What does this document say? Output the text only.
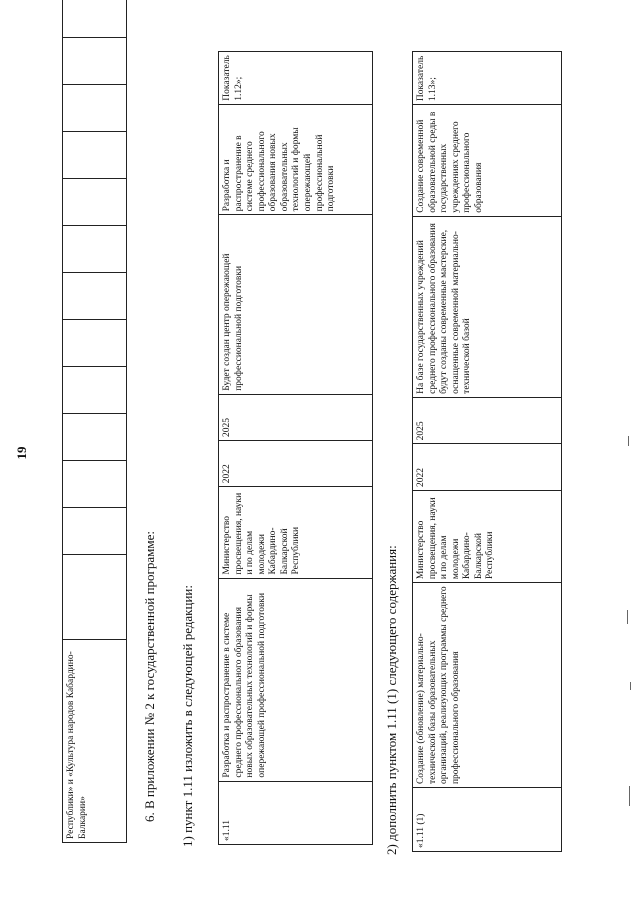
19
Республики» и «Культура народов Кабардино-Балкарии»															6. В приложении № 2 к государственной программе: 1) пункт 1.11 изложить в следующей редакции:	«1.11	Разработка и распространение в системе среднего профессионального образования новых образовательных технологий и формы опережающей профессиональной подготовки	Министерство просвещения, науки и по делам молодежи Кабардино-Балкарской Республики	2022	2025	Будет создан центр опережающей профессиональной подготовки	Разработка и распространение в системе среднего профессионального образования новых образовательных технологий и формы опережающей профессиональной подготовки	Показатель 1.12»;
2) дополнить пунктом 1.11 (1) следующего содержания: «1.11 (1)	Создание (обновление) материально-технической базы образовательных организаций, реализующих программы среднего профессионального образования	Министерство просвещения, науки и по делам молодежи Кабардино-Балкарской Республики	2022	2025	На базе государственных учреждений среднего профессионального образования будут созданы современные мастерские, оснащенные современной материально-технической базой	Создание современной образовательной среды в государственных учреждениях среднего профессионального образования	Показатель 1.13»;
